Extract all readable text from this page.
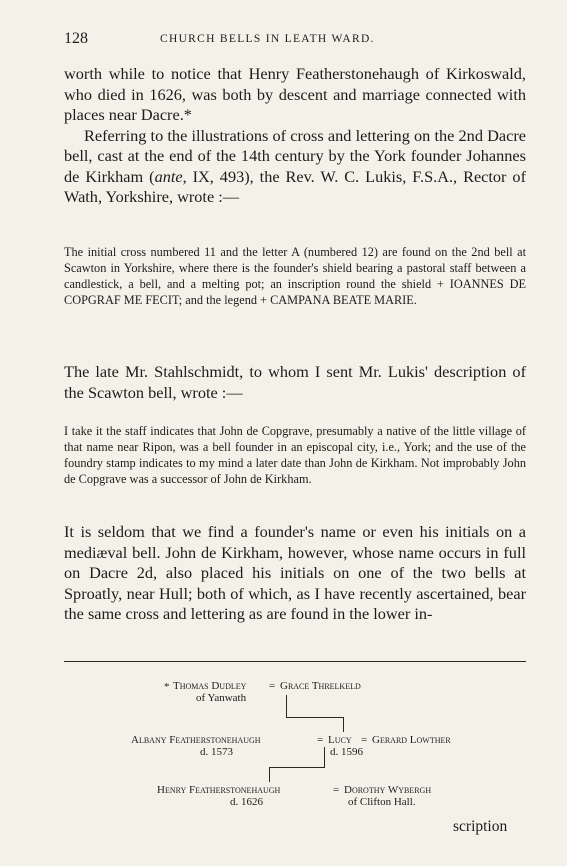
128	CHURCH BELLS IN LEATH WARD.

worth while to notice that Henry Featherstonehaugh of Kirkoswald, who died in 1626, was both by descent and marriage connected with places near Dacre.*

Referring to the illustrations of cross and lettering on the 2nd Dacre bell, cast at the end of the 14th century by the York founder Johannes de Kirkham (ante, IX, 493), the Rev. W. C. Lukis, F.S.A., Rector of Wath, Yorkshire, wrote :—

The initial cross numbered 11 and the letter A (numbered 12) are found on the 2nd bell at Scawton in Yorkshire, where there is the founder's shield bearing a pastoral staff between a candlestick, a bell, and a melting pot; an inscription round the shield + IOANNES DE COPGRAF ME FECIT; and the legend + CAMPANA BEATE MARIE.
The late Mr. Stahlschmidt, to whom I sent Mr. Lukis' description of the Scawton bell, wrote :—
I take it the staff indicates that John de Copgrave, presumably a native of the little village of that name near Ripon, was a bell founder in an episcopal city, i.e., York; and the use of the foundry stamp indicates to my mind a later date than John de Kirkham. Not improbably John de Copgrave was a successor of John de Kirkham.
It is seldom that we find a founder's name or even his initials on a mediæval bell. John de Kirkham, however, whose name occurs in full on Dacre 2d, also placed his initials on one of the two bells at Sproatly, near Hull; both of which, as I have recently ascertained, bear the same cross and lettering as are found in the lower in-
* Thomas Dudley = Grace Threlkeld
of Yanwath
Albany Featherstonehaugh	= Lucy = Gerard Lowther
d. 1573	d. 1596
Henry Featherstonehaugh	= Dorothy Wybergh
d. 1626	of Clifton Hall.
scription
